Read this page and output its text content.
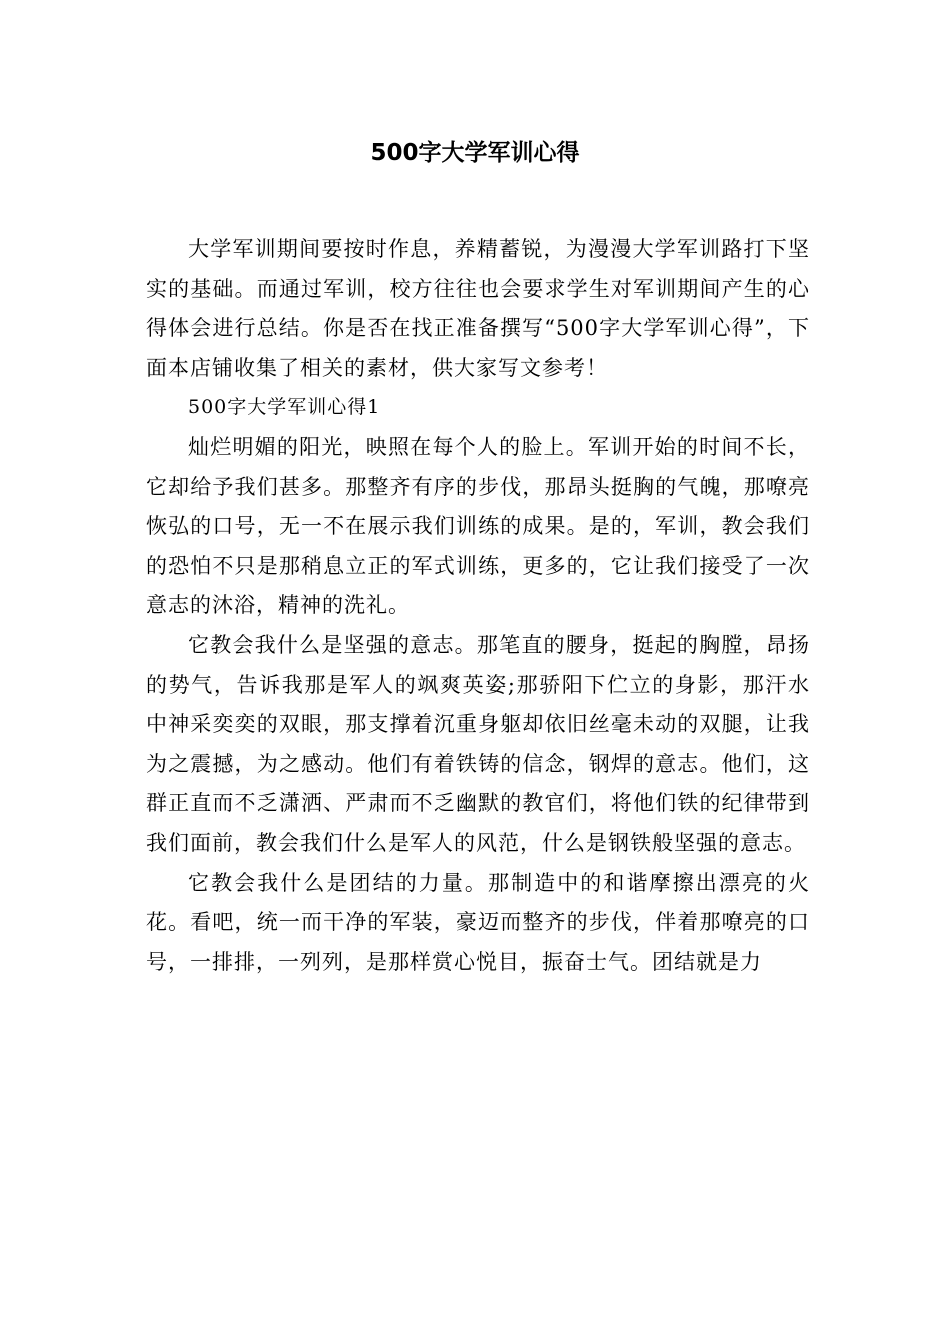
500字大学军训心得

大学军训期间要按时作息，养精蓄锐，为漫漫大学军训路打下坚实的基础。而通过军训，校方往往也会要求学生对军训期间产生的心得体会进行总结。你是否在找正准备撰写“500字大学军训心得”，下面本店铺收集了相关的素材，供大家写文参考！

500字大学军训心得1

灿烂明媚的阳光，映照在每个人的脸上。军训开始的时间不长，它却给予我们甚多。那整齐有序的步伐，那昂头挺胸的气魄，那嘹亮恢弘的口号，无一不在展示我们训练的成果。是的，军训，教会我们的恐怕不只是那稍息立正的军式训练，更多的，它让我们接受了一次意志的沐浴，精神的洗礼。

它教会我什么是坚强的意志。那笔直的腰身，挺起的胸膛，昂扬的势气，告诉我那是军人的飒爽英姿;那骄阳下伫立的身影，那汗水中神采奕奕的双眼，那支撑着沉重身躯却依旧丝毫未动的双腿，让我为之震撼，为之感动。他们有着铁铸的信念，钢焊的意志。他们，这群正直而不乏潇洒、严肃而不乏幽默的教官们，将他们铁的纪律带到我们面前，教会我们什么是军人的风范，什么是钢铁般坚强的意志。

它教会我什么是团结的力量。那制造中的和谐摩擦出漂亮的火花。看吧，统一而干净的军装，豪迈而整齐的步伐，伴着那嘹亮的口号，一排排，一列列，是那样赏心悦目，振奋士气。团结就是力
